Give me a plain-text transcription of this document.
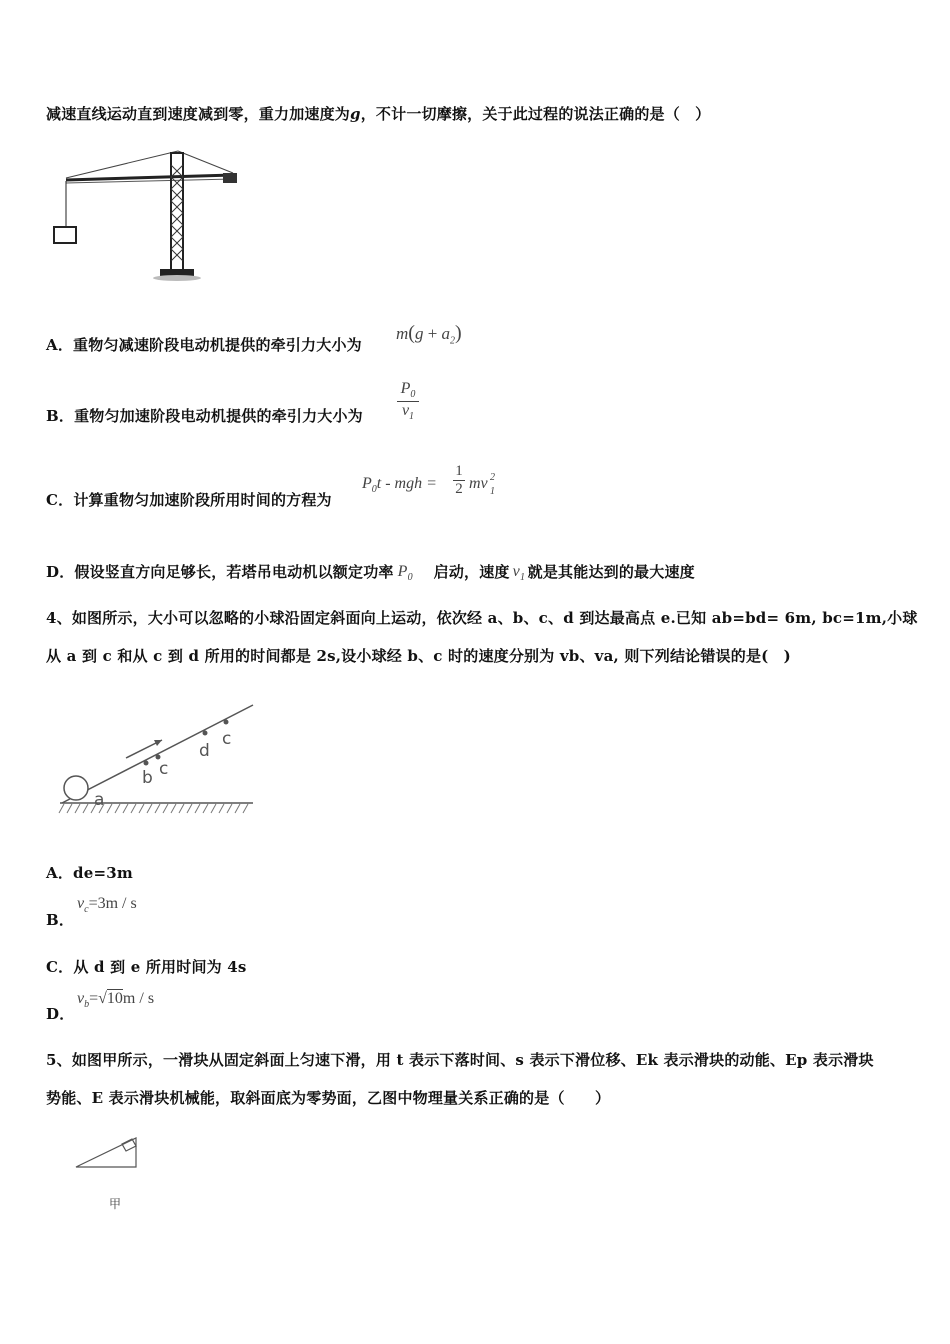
减速直线运动直到速度减到零，重力加速度为g，不计一切摩擦，关于此过程的说法正确的是（　）
A．重物匀减速阶段电动机提供的牵引力大小为
$m(g + a_2)$
B．重物匀加速阶段电动机提供的牵引力大小为
$P_0$
$v_1$
C．计算重物匀加速阶段所用时间的方程为
$P_0t$ - mgh =
1
2 mv 2
1
D．假设竖直方向足够长，若塔吊电动机以额定功率 $P_0$ 启动，速度 $v_1$ 就是其能达到的最大速度
4、如图所示，大小可以忽略的小球沿固定斜面向上运动，依次经 a、b、c、d 到达最高点 e.已知 ab=bd= 6m, bc=1m,小球
从 a 到 c 和从 c 到 d 所用的时间都是 2s,设小球经 b、c 时的速度分别为 vb、va, 则下列结论错误的是(　)
a
b c
d
c
A．de=3m
B．
$v_c=3m / s$
C．从 d 到 e 所用时间为 4s
D．
$v_b=√10m / s$
5、如图甲所示，一滑块从固定斜面上匀速下滑，用 t 表示下落时间、s 表示下滑位移、Ek 表示滑块的动能、Ep 表示滑块
势能、E 表示滑块机械能，取斜面底为零势面，乙图中物理量关系正确的是（　　）
甲
